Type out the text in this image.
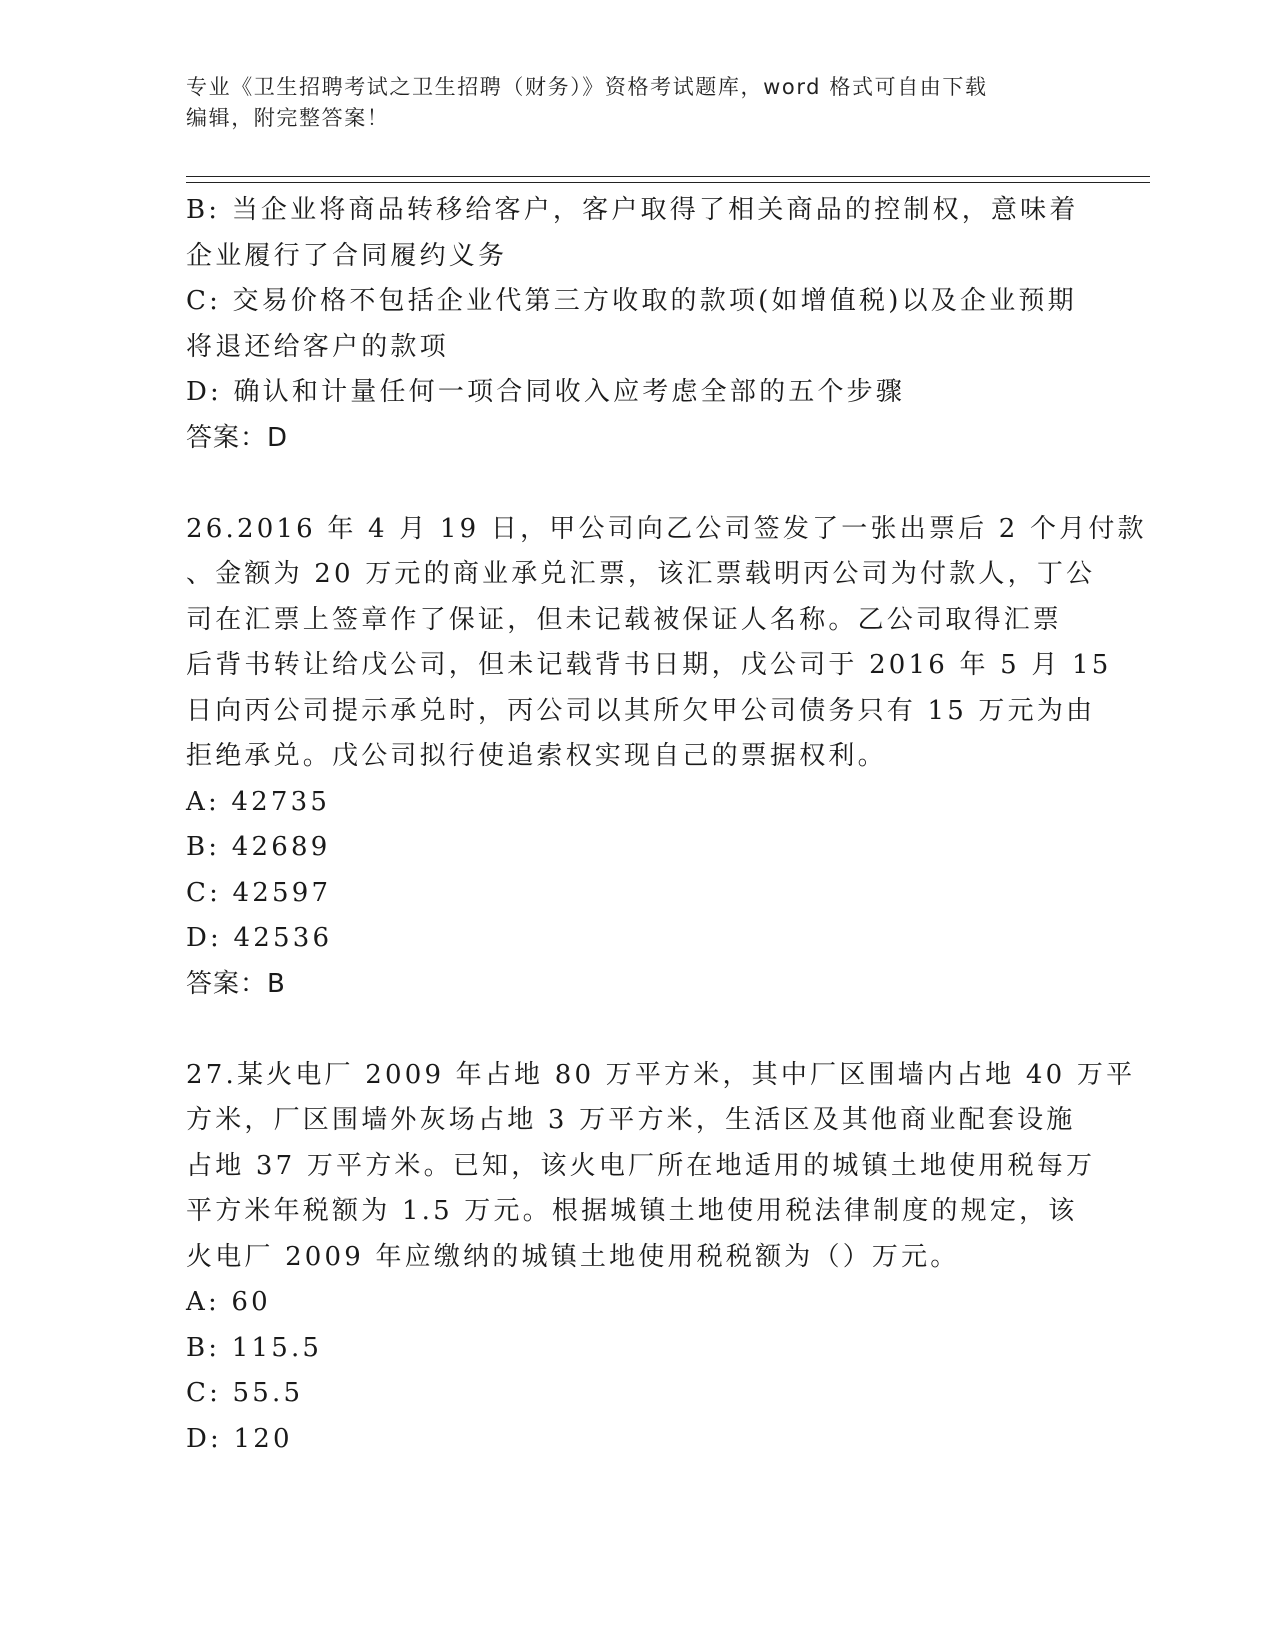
专业《卫生招聘考试之卫生招聘（财务）》资格考试题库，word 格式可自由下载
编辑，附完整答案！
B: 当企业将商品转移给客户，客户取得了相关商品的控制权，意味着
企业履行了合同履约义务
C: 交易价格不包括企业代第三方收取的款项(如增值税)以及企业预期
将退还给客户的款项
D: 确认和计量任何一项合同收入应考虑全部的五个步骤
答案：D
26.2016 年 4 月 19 日，甲公司向乙公司签发了一张出票后 2 个月付款
、金额为 20 万元的商业承兑汇票，该汇票载明丙公司为付款人，丁公
司在汇票上签章作了保证，但未记载被保证人名称。乙公司取得汇票
后背书转让给戊公司，但未记载背书日期，戊公司于 2016 年 5 月 15
日向丙公司提示承兑时，丙公司以其所欠甲公司债务只有 15 万元为由
拒绝承兑。戊公司拟行使追索权实现自己的票据权利。
A: 42735
B: 42689
C: 42597
D: 42536
答案：B
27.某火电厂 2009 年占地 80 万平方米，其中厂区围墙内占地 40 万平
方米，厂区围墙外灰场占地 3 万平方米，生活区及其他商业配套设施
占地 37 万平方米。已知，该火电厂所在地适用的城镇土地使用税每万
平方米年税额为 1.5 万元。根据城镇土地使用税法律制度的规定，该
火电厂 2009 年应缴纳的城镇土地使用税税额为（）万元。
A: 60
B: 115.5
C: 55.5
D: 120
